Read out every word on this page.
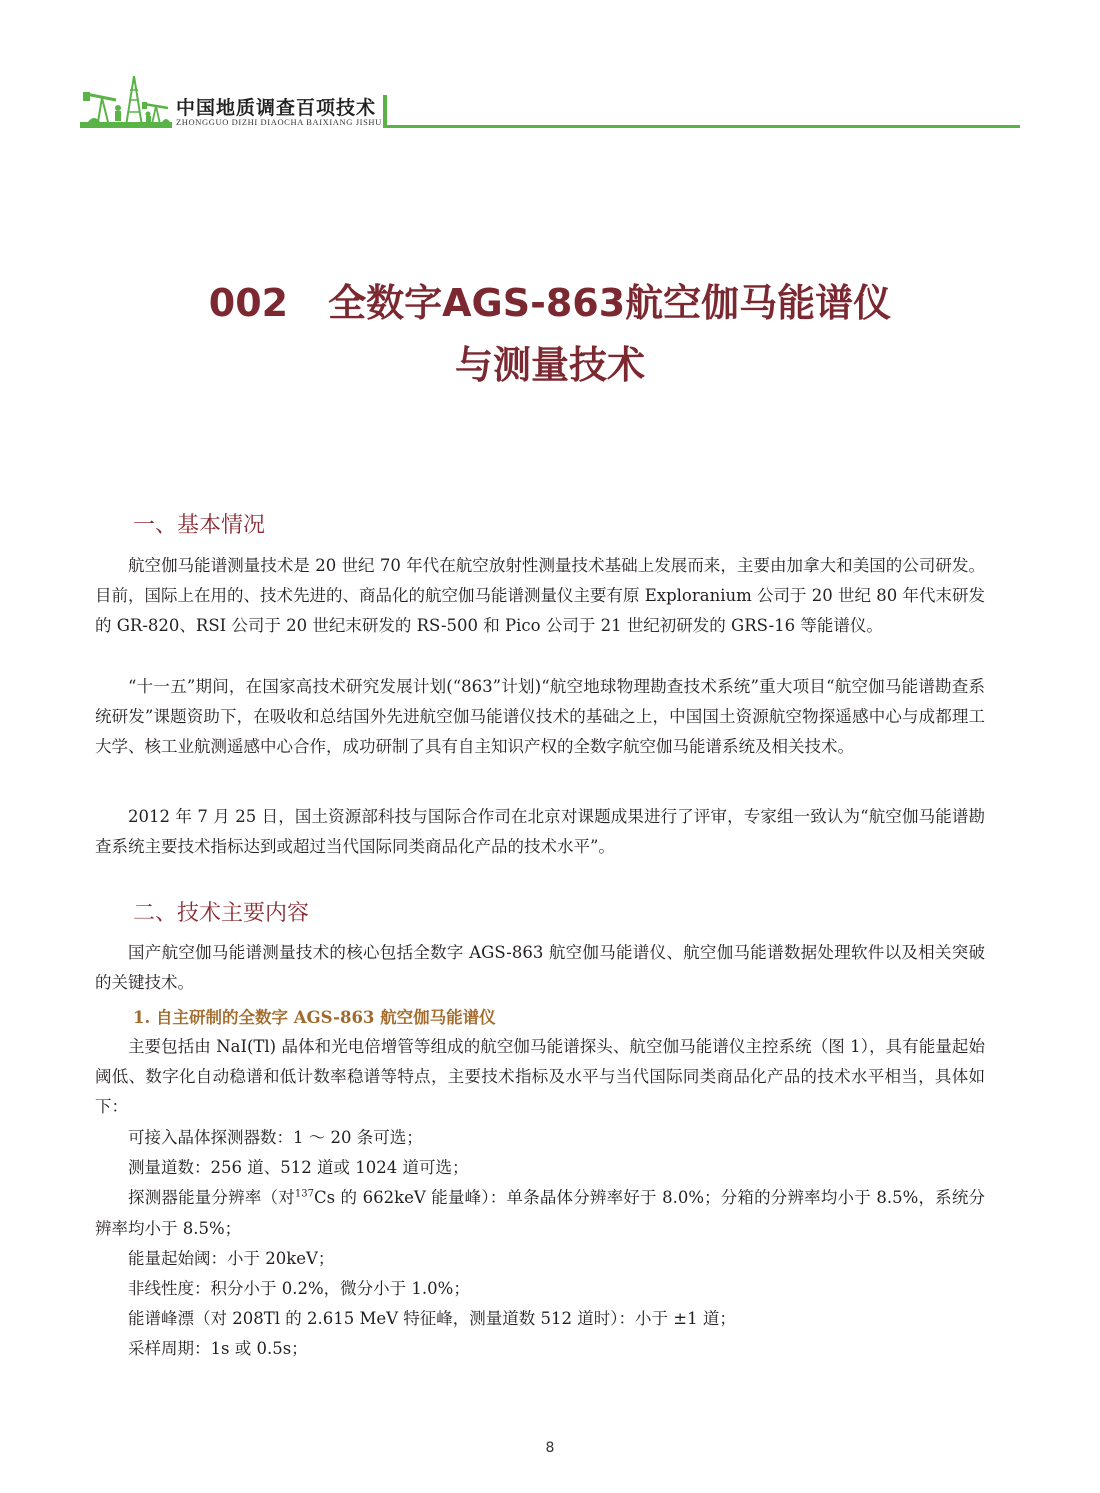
中国地质调查百项技术
ZHONGGUO DIZHI DIAOCHA BAIXIANG JISHU
002 全数字AGS-863航空伽马能谱仪
与测量技术
一、基本情况

航空伽马能谱测量技术是 20 世纪 70 年代在航空放射性测量技术基础上发展而来，主要由加拿大和美国的公司研发。目前，国际上在用的、技术先进的、商品化的航空伽马能谱测量仪主要有原 Exploranium 公司于 20 世纪 80 年代末研发的 GR-820、RSI 公司于 20 世纪末研发的 RS-500 和 Pico 公司于 21 世纪初研发的 GRS-16 等能谱仪。

“十一五”期间，在国家高技术研究发展计划(“863”计划)“航空地球物理勘查技术系统”重大项目“航空伽马能谱勘查系统研发”课题资助下，在吸收和总结国外先进航空伽马能谱仪技术的基础之上，中国国土资源航空物探遥感中心与成都理工大学、核工业航测遥感中心合作，成功研制了具有自主知识产权的全数字航空伽马能谱系统及相关技术。

2012 年 7 月 25 日，国土资源部科技与国际合作司在北京对课题成果进行了评审，专家组一致认为“航空伽马能谱勘查系统主要技术指标达到或超过当代国际同类商品化产品的技术水平”。

二、技术主要内容

国产航空伽马能谱测量技术的核心包括全数字 AGS-863 航空伽马能谱仪、航空伽马能谱数据处理软件以及相关突破的关键技术。

1. 自主研制的全数字 AGS-863 航空伽马能谱仪

主要包括由 NaI(Tl) 晶体和光电倍增管等组成的航空伽马能谱探头、航空伽马能谱仪主控系统（图 1），具有能量起始阈低、数字化自动稳谱和低计数率稳谱等特点，主要技术指标及水平与当代国际同类商品化产品的技术水平相当，具体如下：

可接入晶体探测器数：1 ～ 20 条可选；
测量道数：256 道、512 道或 1024 道可选；
探测器能量分辨率（对$^{137}$Cs 的 662keV 能量峰）：单条晶体分辨率好于 8.0%；分箱的分辨率均小于 8.5%，系统分辨率均小于 8.5%；
能量起始阈：小于 20keV；
非线性度：积分小于 0.2%，微分小于 1.0%；
能谱峰漂（对 208Tl 的 2.615 MeV 特征峰，测量道数 512 道时）：小于 ±1 道；
采样周期：1s 或 0.5s；
8
